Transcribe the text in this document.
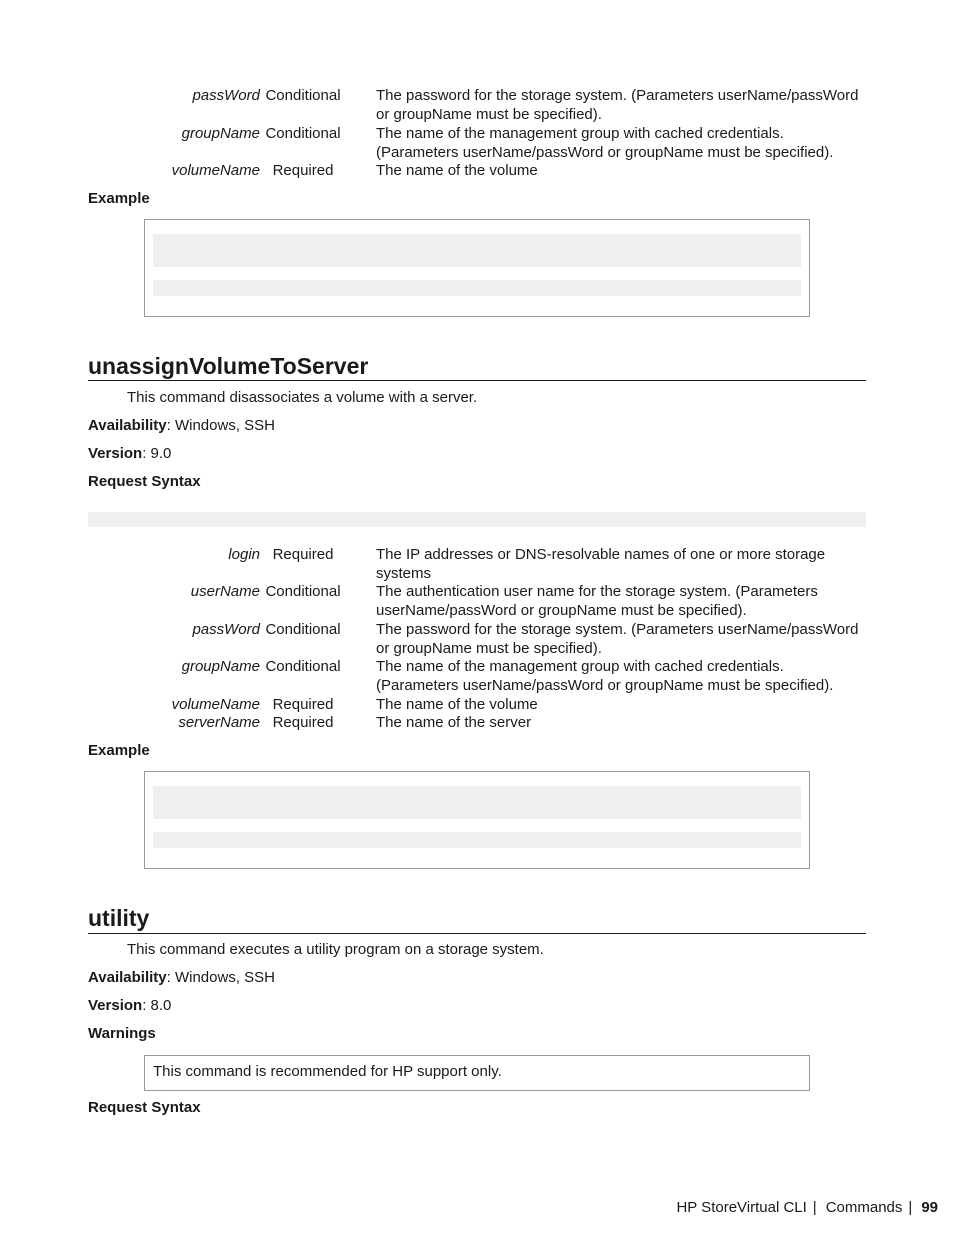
passWord Conditional	The password for the storage system. (Parameters userName/passWord or groupName must be specified).
groupName Conditional	The name of the management group with cached credentials. (Parameters userName/passWord or groupName must be specified).
volumeName Required	The name of the volume
Example
unassignVolumeToServer
This command disassociates a volume with a server.
Availability: Windows, SSH
Version: 9.0
Request Syntax
login Required	The IP addresses or DNS-resolvable names of one or more storage systems
userName Conditional	The authentication user name for the storage system. (Parameters userName/passWord or groupName must be specified).
passWord Conditional	The password for the storage system. (Parameters userName/passWord or groupName must be specified).
groupName Conditional	The name of the management group with cached credentials. (Parameters userName/passWord or groupName must be specified).
volumeName Required	The name of the volume
serverName Required	The name of the server
Example
utility
This command executes a utility program on a storage system.
Availability: Windows, SSH
Version: 8.0
Warnings
This command is recommended for HP support only.
Request Syntax
HP StoreVirtual CLI | Commands | 99
